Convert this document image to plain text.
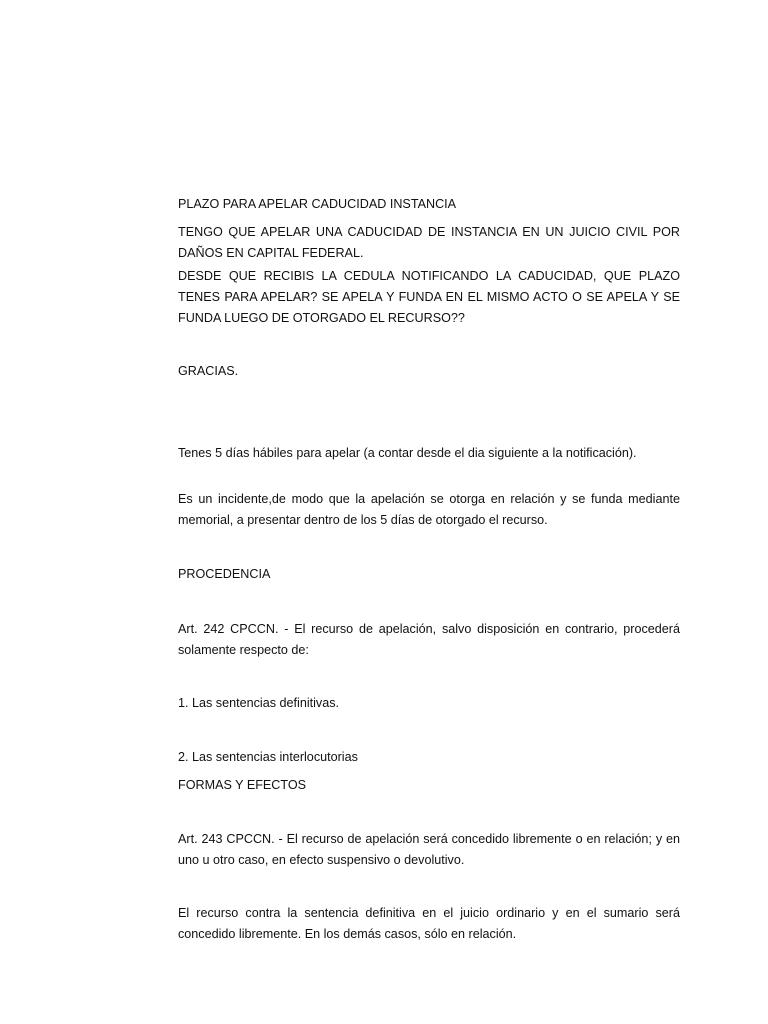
PLAZO PARA APELAR CADUCIDAD INSTANCIA

TENGO QUE APELAR UNA CADUCIDAD DE INSTANCIA EN UN JUICIO CIVIL POR DAÑOS EN CAPITAL FEDERAL.

DESDE QUE RECIBIS LA CEDULA NOTIFICANDO LA CADUCIDAD, QUE PLAZO TENES PARA APELAR? SE APELA Y FUNDA EN EL MISMO ACTO O SE APELA Y SE FUNDA LUEGO DE OTORGADO EL RECURSO??

GRACIAS.

Tenes 5 días hábiles para apelar (a contar desde el dia siguiente a la notificación).

Es un incidente,de modo que la apelación se otorga en relación y se funda mediante memorial, a presentar dentro de los 5 días de otorgado el recurso.

PROCEDENCIA

Art. 242 CPCCN. - El recurso de apelación, salvo disposición en contrario, procederá solamente respecto de:

1. Las sentencias definitivas.

2. Las sentencias interlocutorias

FORMAS Y EFECTOS

Art. 243 CPCCN. - El recurso de apelación será concedido libremente o en relación; y en uno u otro caso, en efecto suspensivo o devolutivo.

El recurso contra la sentencia definitiva en el juicio ordinario y en el sumario será concedido libremente. En los demás casos, sólo en relación.
